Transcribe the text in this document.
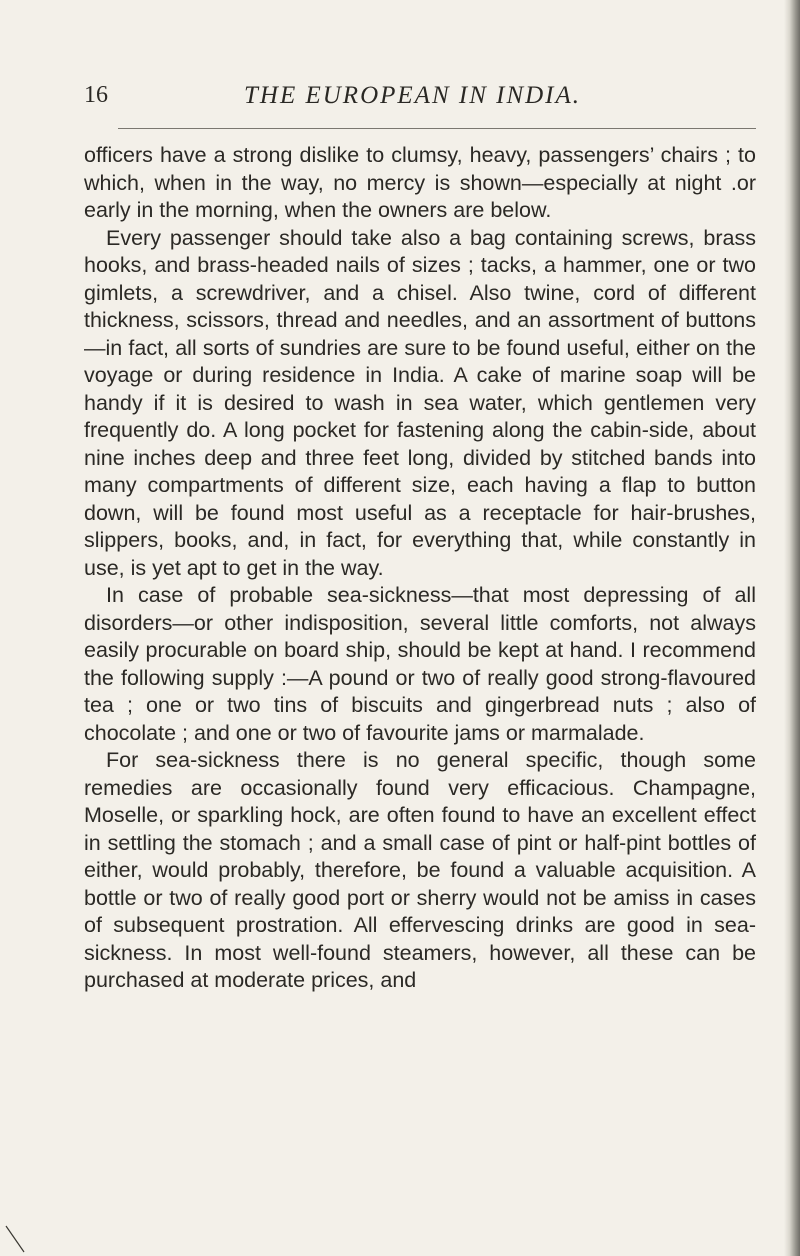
16	THE EUROPEAN IN INDIA.

officers have a strong dislike to clumsy, heavy, passengers’ chairs ; to which, when in the way, no mercy is shown—especially at night .or early in the morning, when the owners are below.

Every passenger should take also a bag containing screws, brass hooks, and brass-headed nails of sizes ; tacks, a hammer, one or two gimlets, a screwdriver, and a chisel. Also twine, cord of different thickness, scissors, thread and needles, and an assortment of buttons—in fact, all sorts of sundries are sure to be found useful, either on the voyage or during residence in India. A cake of marine soap will be handy if it is desired to wash in sea water, which gentlemen very frequently do. A long pocket for fastening along the cabin-side, about nine inches deep and three feet long, divided by stitched bands into many compartments of different size, each having a flap to button down, will be found most useful as a receptacle for hair-brushes, slippers, books, and, in fact, for everything that, while constantly in use, is yet apt to get in the way.

In case of probable sea-sickness—that most depressing of all disorders—or other indisposition, several little comforts, not always easily procurable on board ship, should be kept at hand. I recommend the following supply :—A pound or two of really good strong-flavoured tea ; one or two tins of biscuits and gingerbread nuts ; also of chocolate ; and one or two of favourite jams or marmalade.

For sea-sickness there is no general specific, though some remedies are occasionally found very efficacious. Champagne, Moselle, or sparkling hock, are often found to have an excellent effect in settling the stomach ; and a small case of pint or half-pint bottles of either, would probably, therefore, be found a valuable acquisition. A bottle or two of really good port or sherry would not be amiss in cases of subsequent prostration. All effervescing drinks are good in sea-sickness. In most well-found steamers, however, all these can be purchased at moderate prices, and
